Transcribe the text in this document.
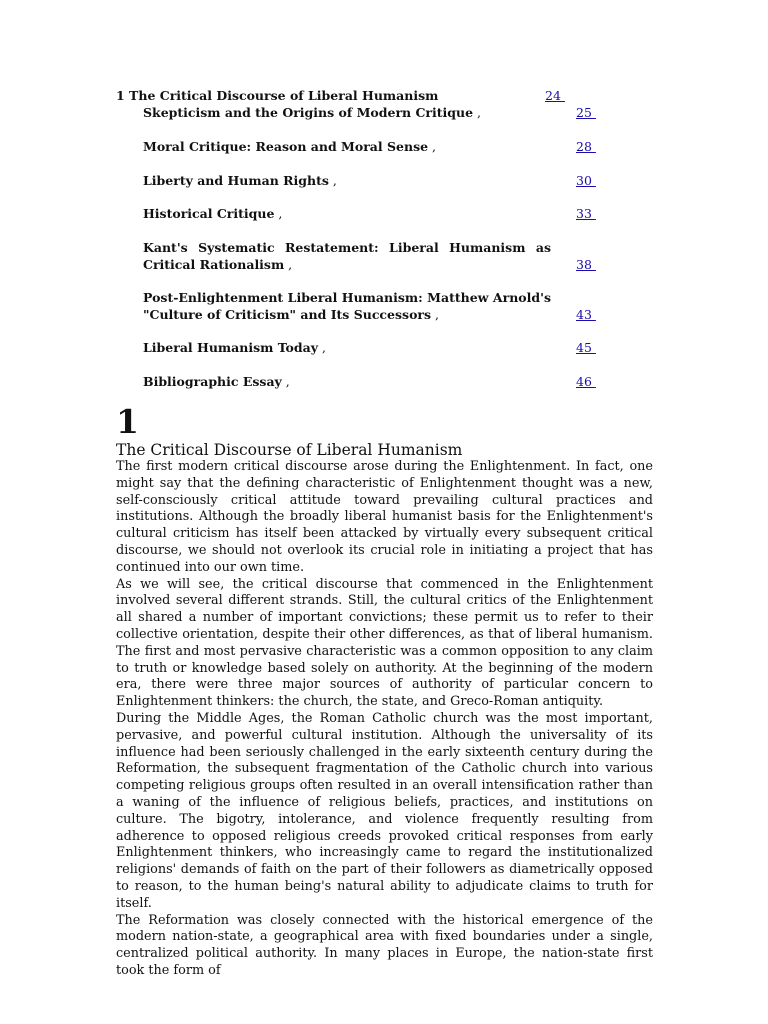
1 The Critical Discourse of Liberal Humanism	24
Skepticism and the Origins of Modern Critique ,	25
Moral Critique: Reason and Moral Sense ,	28
Liberty and Human Rights ,	30
Historical Critique ,	33
Kant's Systematic Restatement: Liberal Humanism as
Critical Rationalism ,	38
Post-Enlightenment Liberal Humanism: Matthew Arnold's
"Culture of Criticism" and Its Successors ,	43
Liberal Humanism Today ,	45
Bibliographic Essay ,	46
1
The Critical Discourse of Liberal Humanism

The first modern critical discourse arose during the Enlightenment. In fact, one might say that the defining characteristic of Enlightenment thought was a new, self-consciously critical attitude toward prevailing cultural practices and institutions. Although the broadly liberal humanist basis for the Enlightenment's cultural criticism has itself been attacked by virtually every subsequent critical discourse, we should not overlook its crucial role in initiating a project that has continued into our own time.

As we will see, the critical discourse that commenced in the Enlightenment involved several different strands. Still, the cultural critics of the Enlightenment all shared a number of important convictions; these permit us to refer to their collective orientation, despite their other differences, as that of liberal humanism. The first and most pervasive characteristic was a common opposition to any claim to truth or knowledge based solely on authority. At the beginning of the modern era, there were three major sources of authority of particular concern to Enlightenment thinkers: the church, the state, and Greco-Roman antiquity.

During the Middle Ages, the Roman Catholic church was the most important, pervasive, and powerful cultural institution. Although the universality of its influence had been seriously challenged in the early sixteenth century during the Reformation, the subsequent fragmentation of the Catholic church into various competing religious groups often resulted in an overall intensification rather than a waning of the influence of religious beliefs, practices, and institutions on culture. The bigotry, intolerance, and violence frequently resulting from adherence to opposed religious creeds provoked critical responses from early Enlightenment thinkers, who increasingly came to regard the institutionalized religions' demands of faith on the part of their followers as diametrically opposed to reason, to the human being's natural ability to adjudicate claims to truth for itself.

The Reformation was closely connected with the historical emergence of the modern nation-state, a geographical area with fixed boundaries under a single, centralized political authority. In many places in Europe, the nation-state first took the form of
